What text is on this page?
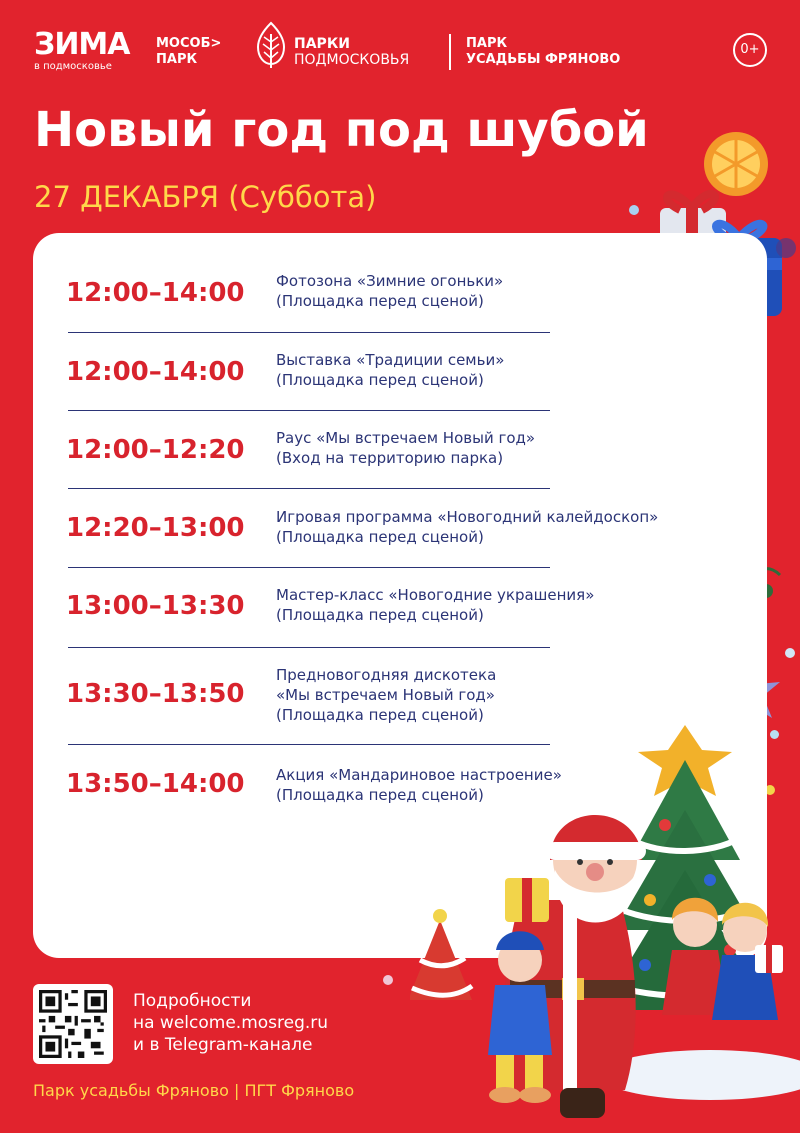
ЗИМА
в подмосковье
МОСОБ>
ПАРК
ПАРКИ
ПОДМОСКОВЬЯ
ПАРК
УСАДЬБЫ ФРЯНОВО
0+
Новый год под шубой
27 ДЕКАБРЯ (Суббота)
12:00–14:00 Фотозона «Зимние огоньки»
(Площадка перед сценой)
12:00–14:00 Выставка «Традиции семьи»
(Площадка перед сценой)
12:00–12:20 Раус «Мы встречаем Новый год»
(Вход на территорию парка)
12:20–13:00 Игровая программа «Новогодний калейдоскоп»
(Площадка перед сценой)
13:00–13:30 Мастер-класс «Новогодние украшения»
(Площадка перед сценой)
13:30–13:50
Предновогодняя дискотека
«Мы встречаем Новый год»
(Площадка перед сценой)
13:50–14:00 Акция «Мандариновое настроение»
(Площадка перед сценой)
Подробности
на welcome.mosreg.ru
и в Telegram-канале
Парк усадьбы Фряново | ПГТ Фряново
